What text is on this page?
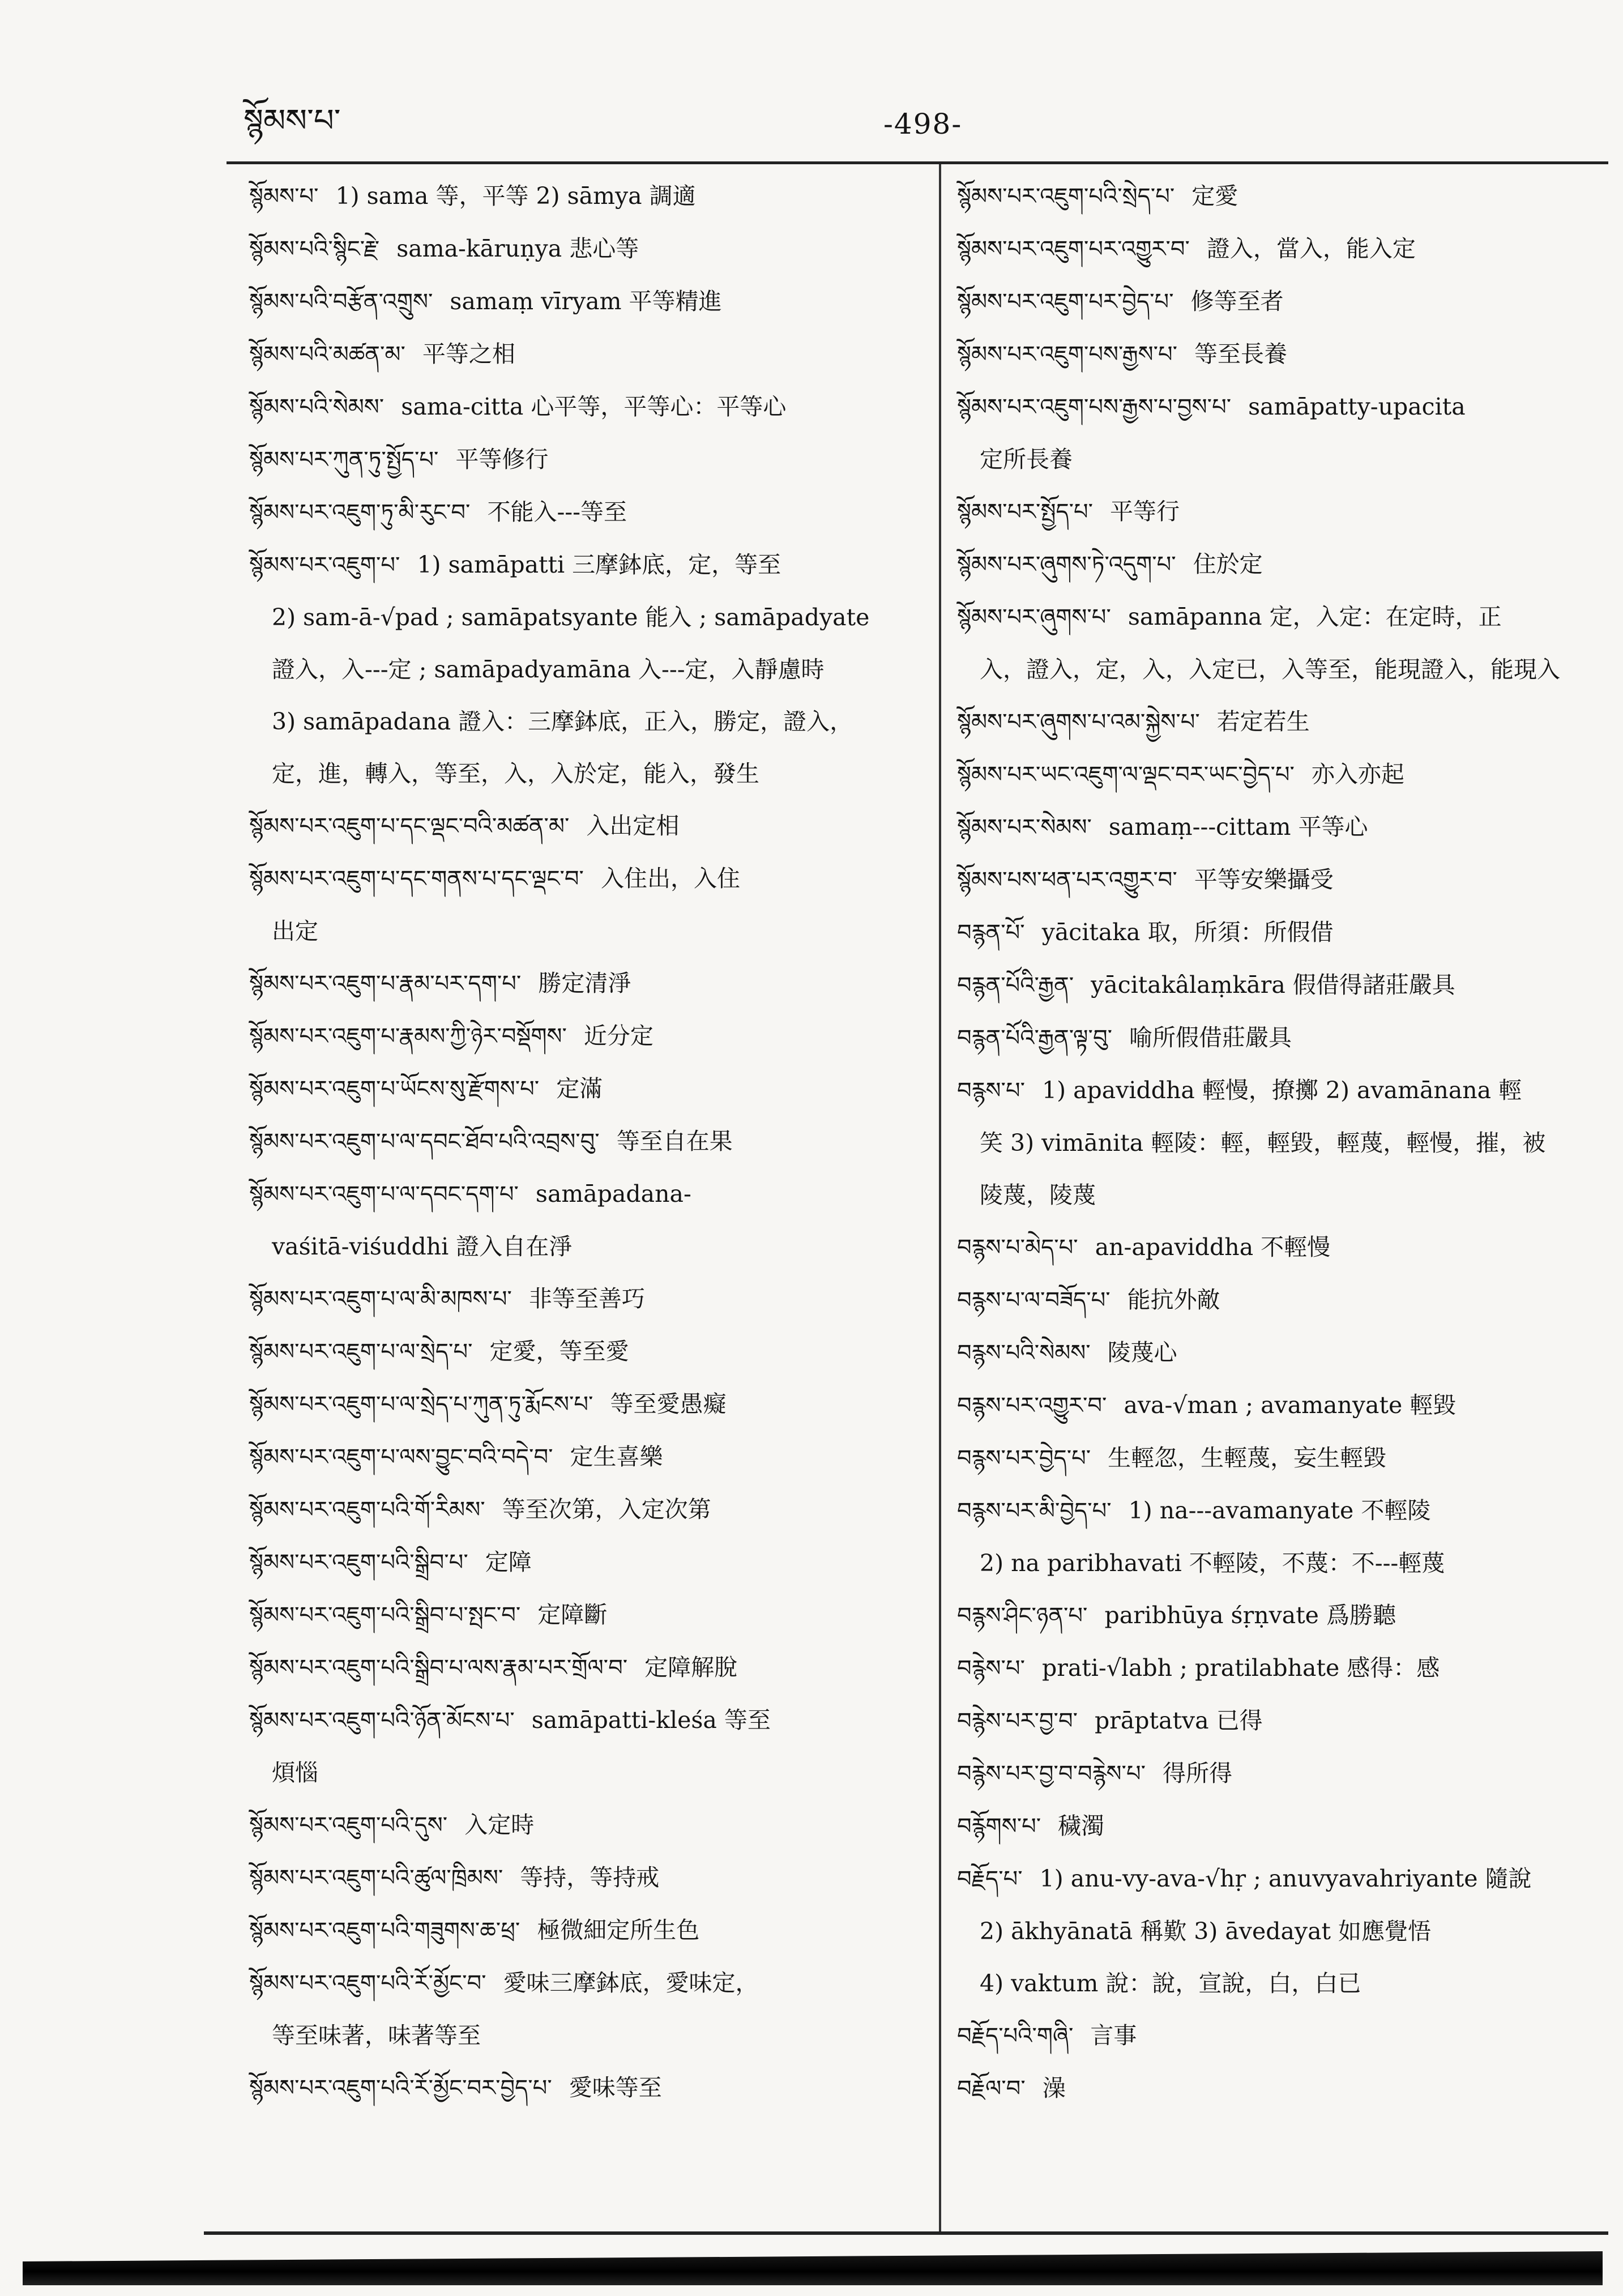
སྙོམས་པ་	-498-
སྙོམས་པ་ 1) sama 等，平等 2) sāmya 調適
སྙོམས་པའི་སྙིང་རྗེ་ sama-kāruṇya 悲心等
སྙོམས་པའི་བརྩོན་འགྲུས་ samaṃ vīryam 平等精進
སྙོམས་པའི་མཚན་མ་ 平等之相
སྙོམས་པའི་སེམས་ sama-citta 心平等，平等心：平等心
སྙོམས་པར་ཀུན་ཏུ་སྤྱོད་པ་ 平等修行
སྙོམས་པར་འཇུག་ཏུ་མི་རུང་བ་ 不能入---等至
སྙོམས་པར་འཇུག་པ་ 1) samāpatti 三摩鉢底，定，等至
2) sam-ā-√pad ; samāpatsyante 能入 ; samāpadyate
證入，入---定 ; samāpadyamāna 入---定，入靜慮時
3) samāpadana 證入：三摩鉢底，正入，勝定，證入，
定，進，轉入，等至，入，入於定，能入，發生
སྙོམས་པར་འཇུག་པ་དང་ལྡང་བའི་མཚན་མ་ 入出定相
སྙོམས་པར་འཇུག་པ་དང་གནས་པ་དང་ལྡང་བ་ 入住出，入住
出定
སྙོམས་པར་འཇུག་པ་རྣམ་པར་དག་པ་ 勝定清淨
སྙོམས་པར་འཇུག་པ་རྣམས་ཀྱི་ཉེར་བསྡོགས་ 近分定
སྙོམས་པར་འཇུག་པ་ཡོངས་སུ་རྫོགས་པ་ 定滿
སྙོམས་པར་འཇུག་པ་ལ་དབང་ཐོབ་པའི་འབྲས་བུ་ 等至自在果
སྙོམས་པར་འཇུག་པ་ལ་དབང་དག་པ་ samāpadana-
vaśitā-viśuddhi 證入自在淨
སྙོམས་པར་འཇུག་པ་ལ་མི་མཁས་པ་ 非等至善巧
སྙོམས་པར་འཇུག་པ་ལ་སྲེད་པ་ 定愛，等至愛
སྙོམས་པར་འཇུག་པ་ལ་སྲེད་པ་ཀུན་ཏུ་རྨོངས་པ་ 等至愛愚癡
སྙོམས་པར་འཇུག་པ་ལས་བྱུང་བའི་བདེ་བ་ 定生喜樂
སྙོམས་པར་འཇུག་པའི་གོ་རིམས་ 等至次第，入定次第
སྙོམས་པར་འཇུག་པའི་སྒྲིབ་པ་ 定障
སྙོམས་པར་འཇུག་པའི་སྒྲིབ་པ་སྤང་བ་ 定障斷
སྙོམས་པར་འཇུག་པའི་སྒྲིབ་པ་ལས་རྣམ་པར་གྲོལ་བ་ 定障解脫
སྙོམས་པར་འཇུག་པའི་ཉོན་མོངས་པ་ samāpatti-kleśa 等至
煩惱
སྙོམས་པར་འཇུག་པའི་དུས་ 入定時
སྙོམས་པར་འཇུག་པའི་ཚུལ་ཁྲིམས་ 等持，等持戒
སྙོམས་པར་འཇུག་པའི་གཟུགས་ཆ་ཕྲ་ 極微細定所生色
སྙོམས་པར་འཇུག་པའི་རོ་མྱོང་བ་ 愛味三摩鉢底，愛味定，
等至味著，味著等至
སྙོམས་པར་འཇུག་པའི་རོ་མྱོང་བར་བྱེད་པ་ 愛味等至
སྙོམས་པར་འཇུག་པའི་སྲེད་པ་ 定愛
སྙོམས་པར་འཇུག་པར་འགྱུར་བ་ 證入，當入，能入定
སྙོམས་པར་འཇུག་པར་བྱེད་པ་ 修等至者
སྙོམས་པར་འཇུག་པས་རྒྱས་པ་ 等至長養
སྙོམས་པར་འཇུག་པས་རྒྱས་པ་བྱས་པ་ samāpatty-upacita
定所長養
སྙོམས་པར་སྤྱོད་པ་ 平等行
སྙོམས་པར་ཞུགས་ཏེ་འདུག་པ་ 住於定
སྙོམས་པར་ཞུགས་པ་ samāpanna 定，入定：在定時，正
入，證入，定，入，入定已，入等至，能現證入，能現入
སྙོམས་པར་ཞུགས་པ་འམ་སྐྱེས་པ་ 若定若生
སྙོམས་པར་ཡང་འཇུག་ལ་ལྡང་བར་ཡང་བྱེད་པ་ 亦入亦起
སྙོམས་པར་སེམས་ samaṃ---cittam 平等心
སྙོམས་པས་ཕན་པར་འགྱུར་བ་ 平等安樂攝受
བརྙན་པོ་ yācitaka 取，所須：所假借
བརྙན་པོའི་རྒྱན་ yācitakâlaṃkāra 假借得諸莊嚴具
བརྙན་པོའི་རྒྱན་ལྟ་བུ་ 喻所假借莊嚴具
བརྙས་པ་ 1) apaviddha 輕慢，撩擲 2) avamānana 輕
笑 3) vimānita 輕陵：輕，輕毀，輕蔑，輕慢，摧，被
陵蔑，陵蔑
བརྙས་པ་མེད་པ་ an-apaviddha 不輕慢
བརྙས་པ་ལ་བཟོད་པ་ 能抗外敵
བརྙས་པའི་སེམས་ 陵蔑心
བརྙས་པར་འགྱུར་བ་ ava-√man ; avamanyate 輕毀
བརྙས་པར་བྱེད་པ་ 生輕忽，生輕蔑，妄生輕毀
བརྙས་པར་མི་བྱེད་པ་ 1) na---avamanyate 不輕陵
2) na paribhavati 不輕陵，不蔑：不---輕蔑
བརྙས་ཤིང་ཉན་པ་ paribhūya śṛṇvate 爲勝聽
བརྙེས་པ་ prati-√labh ; pratilabhate 感得：感
བརྙེས་པར་བྱ་བ་ prāptatva 已得
བརྙེས་པར་བྱ་བ་བརྙེས་པ་ 得所得
བརྙོགས་པ་ 穢濁
བརྗོད་པ་ 1) anu-vy-ava-√hṛ ; anuvyavahriyante 隨說
2) ākhyānatā 稱歎 3) āvedayat 如應覺悟
4) vaktum 說：說，宣說，白，白已
བརྗོད་པའི་གཞི་ 言事
བརྗོལ་བ་ 澡
